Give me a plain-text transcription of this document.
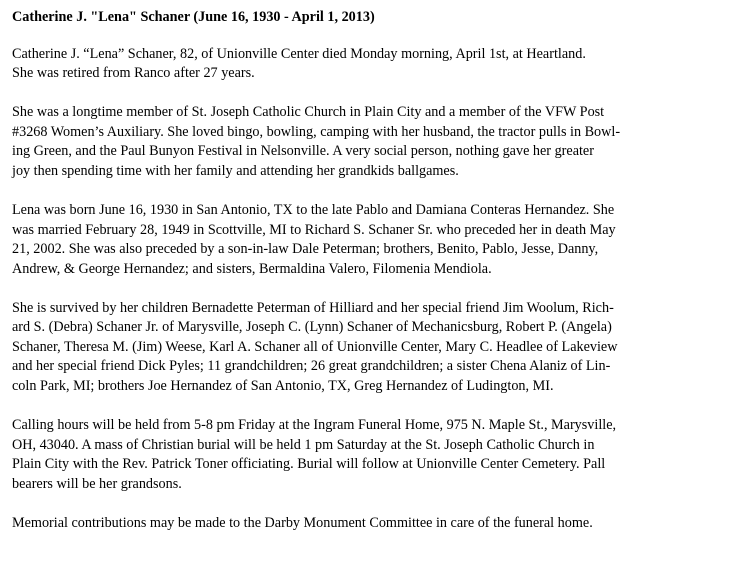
Catherine J. "Lena" Schaner (June 16, 1930 - April 1, 2013)
Catherine J. “Lena” Schaner, 82, of Unionville Center died Monday morning, April 1st, at Heartland.
She was retired from Ranco after 27 years.
She was a longtime member of St. Joseph Catholic Church in Plain City and a member of the VFW Post
#3268 Women’s Auxiliary. She loved bingo, bowling, camping with her husband, the tractor pulls in Bowl-
ing Green, and the Paul Bunyon Festival in Nelsonville. A very social person, nothing gave her greater
joy then spending time with her family and attending her grandkids ballgames.
Lena was born June 16, 1930 in San Antonio, TX to the late Pablo and Damiana Conteras Hernandez. She
was married February 28, 1949 in Scottville, MI to Richard S. Schaner Sr. who preceded her in death May
21, 2002. She was also preceded by a son-in-law Dale Peterman; brothers, Benito, Pablo, Jesse, Danny,
Andrew, & George Hernandez; and sisters, Bermaldina Valero, Filomenia Mendiola.
She is survived by her children Bernadette Peterman of Hilliard and her special friend Jim Woolum, Rich-
ard S. (Debra) Schaner Jr. of Marysville, Joseph C. (Lynn) Schaner of Mechanicsburg, Robert P. (Angela)
Schaner, Theresa M. (Jim) Weese, Karl A. Schaner all of Unionville Center, Mary C. Headlee of Lakeview
and her special friend Dick Pyles; 11 grandchildren; 26 great grandchildren; a sister Chena Alaniz of Lin-
coln Park, MI; brothers Joe Hernandez of San Antonio, TX, Greg Hernandez of Ludington, MI.
Calling hours will be held from 5-8 pm Friday at the Ingram Funeral Home, 975 N. Maple St., Marysville,
OH, 43040. A mass of Christian burial will be held 1 pm Saturday at the St. Joseph Catholic Church in
Plain City with the Rev. Patrick Toner officiating. Burial will follow at Unionville Center Cemetery. Pall
bearers will be her grandsons.
Memorial contributions may be made to the Darby Monument Committee in care of the funeral home.
